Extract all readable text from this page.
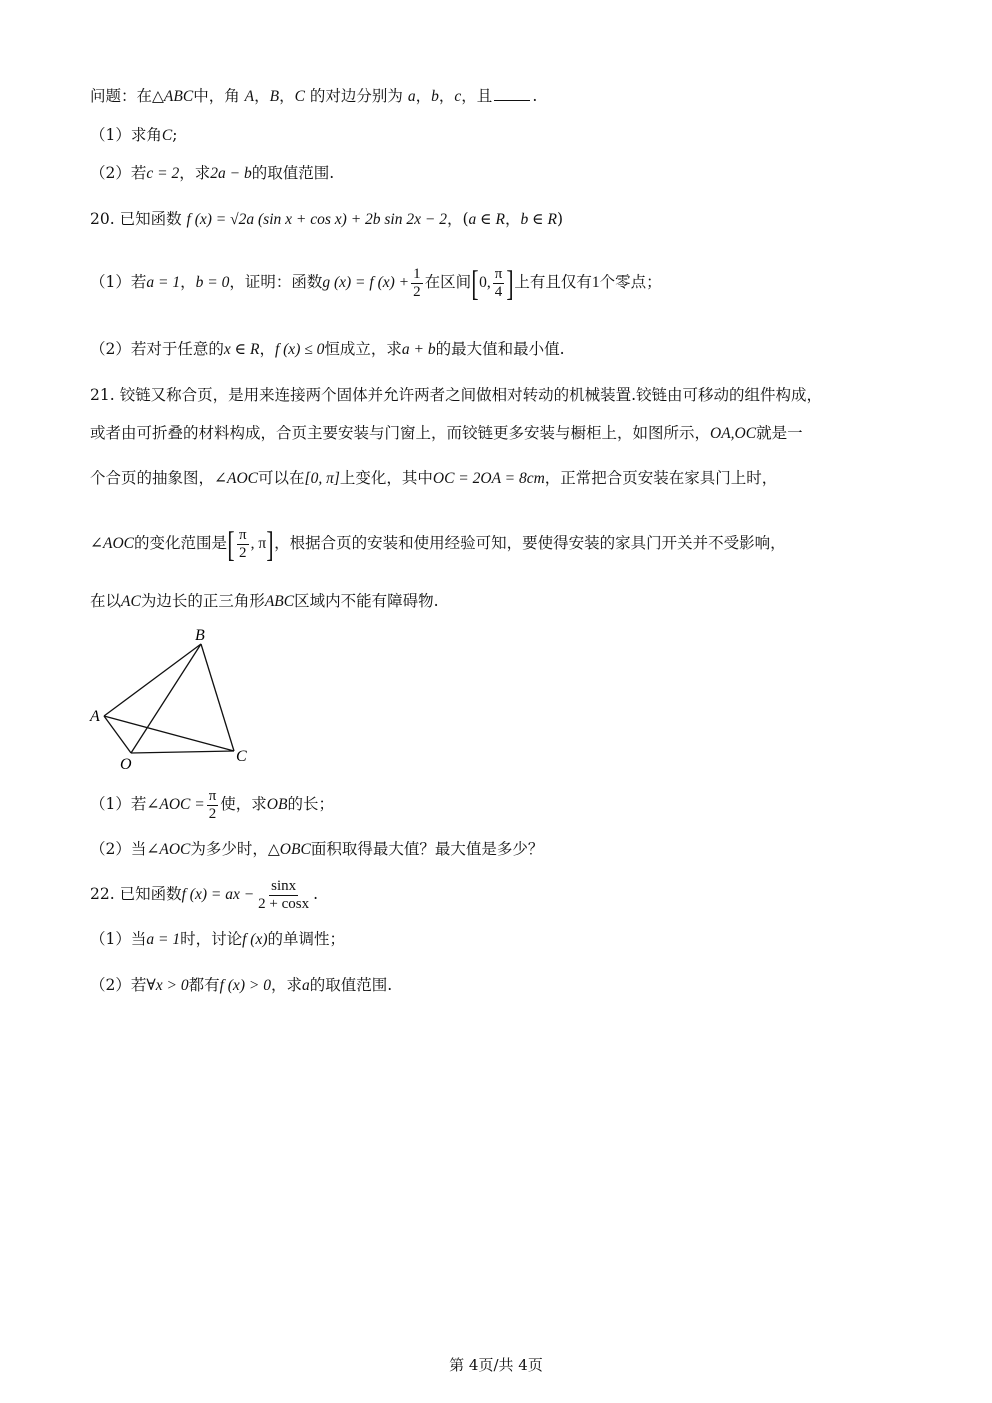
问题：在△ABC中，角 A，B，C 的对边分别为 a，b，c，且	.
（1）求角C;
（2）若c = 2，求2a − b的取值范围.
20. 已知函数 f (x) = √2a (sin x + cos x) + 2b sin 2x − 2，(a ∈ R，b ∈ R)
（1）若a = 1，b = 0，证明：函数g (x) = f $(x) + \frac{1}{2}$ 在区间[0, $\frac{\pi}{4}$ ]上有且仅有1个零点；
（2）若对于任意的x ∈ R，f (x) ≤ 0恒成立，求a + b的最大值和最小值.
21. 铰链又称合页，是用来连接两个固体并允许两者之间做相对转动的机械装置.铰链由可移动的组件构成，
或者由可折叠的材料构成，合页主要安装与门窗上，而铰链更多安装与橱柜上，如图所示，OA,OC就是一
个合页的抽象图，∠AOC可以在[0, π]上变化，其中OC = 2OA = 8cm，正常把合页安装在家具门上时，
∠AOC的变化范围是[ $\frac{\pi}{2}$ , π]，根据合页的安装和使用经验可知，要使得安装的家具门开关并不受影响，
在以AC为边长的正三角形ABC区域内不能有障碍物.
B
A
C
O
（1）若∠AOC = $\frac{\pi}{2}$ 使，求OB的长；
（2）当∠AOC为多少时，△OBC面积取得最大值？最大值是多少？
22. 已知函数f (x) = ax − $\frac{\sin x}{2 + \cos x}$ .
（1）当a = 1时，讨论f (x)的单调性；
（2）若∀x > 0都有f (x) > 0，求a的取值范围.
第 4页/共 4页
